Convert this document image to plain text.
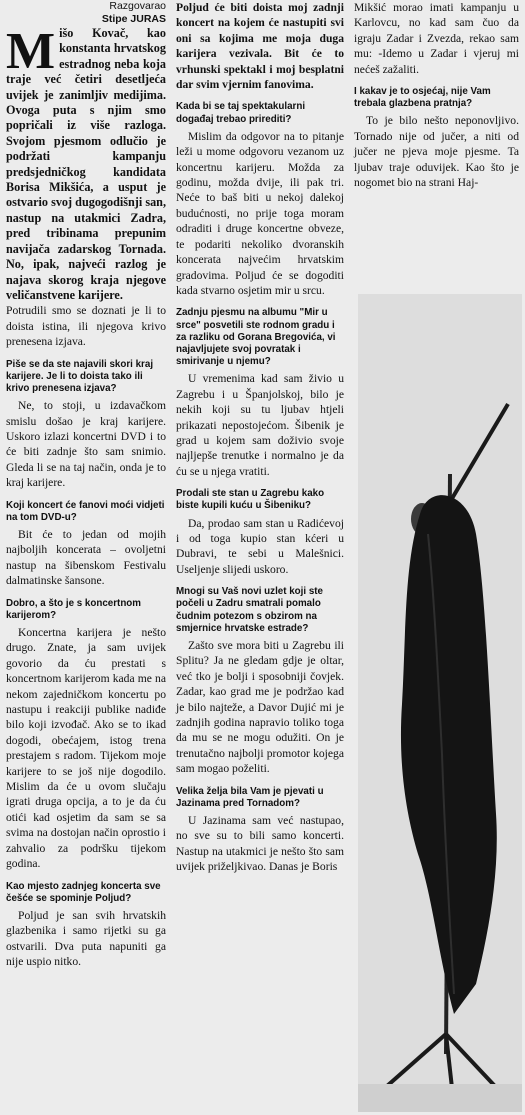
Razgovarao
Stipe JURAS

Mišo Kovač, kao konstanta hrvatskog estradnog neba koja traje već četiri desetljeća uvijek je zanimljiv medijima. Ovoga puta s njim smo popričali iz više razloga. Svojom pjesmom odlučio je podržati kampanju predsjedničkog kandidata Borisa Mikšića, a usput je ostvario svoj dugogodišnji san, nastup na utakmici Zadra, pred tribinama prepunim navijača zadarskog Tornada. No, ipak, najveći razlog je najava skorog kraja njegove veličanstvene karijere.

Potrudili smo se doznati je li to doista istina, ili njegova krivo prenesena izjava.

Piše se da ste najavili skori kraj karijere. Je li to doista tako ili krivo prenesena izjava?

Ne, to stoji, u izdavačkom smislu došao je kraj karijere. Uskoro izlazi koncertni DVD i to će biti zadnje što sam snimio. Gleda li se na taj način, onda je to kraj karijere.

Koji koncert će fanovi moći vidjeti na tom DVD-u?

Bit će to jedan od mojih najboljih koncerata – ovoljetni nastup na šibenskom Festivalu dalmatinske šansone.

Dobro, a što je s koncertnom karijerom?

Koncertna karijera je nešto drugo. Znate, ja sam uvijek govorio da ću prestati s koncertnom karijerom kada me na nekom zajedničkom koncertu po nastupu i reakciji publike nadiđe bilo koji izvođač. Ako se to ikad dogodi, obećajem, istog trena prestajem s radom. Tijekom moje karijere to se još nije dogodilo. Mislim da će u ovom slučaju igrati druga opcija, a to je da ću otići kad osjetim da sam se sa svima na dostojan način oprostio i zahvalio za podršku tijekom godina.

Kao mjesto zadnjeg koncerta sve češće se spominje Poljud?

Poljud je san svih hrvatskih glazbenika i samo rijetki su ga ostvarili. Dva puta napuniti ga nije uspio nitko.

Poljud će biti doista moj zadnji koncert na kojem će nastupiti svi oni sa kojima me moja duga karijera vezivala. Bit će to vrhunski spektakl i moj besplatni dar svim vjernim fanovima.

Kada bi se taj spektakularni događaj trebao prirediti?

Mislim da odgovor na to pitanje leži u mome odgovoru vezanom uz koncertnu karijeru. Možda za godinu, možda dvije, ili pak tri. Neće to baš biti u nekoj dalekoj budućnosti, no prije toga moram odraditi i druge koncertne obveze, te podariti nekoliko dvoranskih koncerata najvećim hrvatskim gradovima. Poljud će se dogoditi kada stvarno osjetim mir u srcu.

Zadnju pjesmu na albumu "Mir u srce" posvetili ste rodnom gradu i za razliku od Gorana Bregovića, vi najavljujete svoj povratak i smirivanje u njemu?

U vremenima kad sam živio u Zagrebu i u Španjolskoj, bilo je nekih koji su tu ljubav htjeli prikazati nepostojećom. Šibenik je grad u kojem sam doživio svoje najljepše trenutke i normalno je da ću se u njega vratiti.

Prodali ste stan u Zagrebu kako biste kupili kuću u Šibeniku?

Da, prodao sam stan u Radićevoj i od toga kupio stan kćeri u Dubravi, te sebi u Malešnici. Useljenje slijedi uskoro.

Mnogi su Vaš novi uzlet koji ste počeli u Zadru smatrali pomalo čudnim potezom s obzirom na smjernice hrvatske estrade?

Zašto sve mora biti u Zagrebu ili Splitu? Ja ne gledam gdje je oltar, već tko je bolji i sposobniji čovjek. Zadar, kao grad me je podržao kad je bilo najteže, a Davor Dujić mi je zadnjih godina napravio toliko toga da mu se ne mogu odužiti. On je trenutačno najbolji promotor kojega sam mogao poželiti.

Velika želja bila Vam je pjevati u Jazinama pred Tornadom?

U Jazinama sam već nastupao, no sve su to bili samo koncerti. Nastup na utakmici je nešto što sam uvijek priželjkivao. Danas je Boris

Mikšić morao imati kampanju u Karlovcu, no kad sam čuo da igraju Zadar i Zvezda, rekao sam mu: -Idemo u Zadar i vjeruj mi nećeš zažaliti.

I kakav je to osjećaj, nije Vam trebala glazbena pratnja?

To je bilo nešto neponovljivo. Tornado nije od jučer, a niti od jučer ne pjeva moje pjesme. Ta ljubav traje oduvijek. Kao što je nogomet bio na strani Haj-
